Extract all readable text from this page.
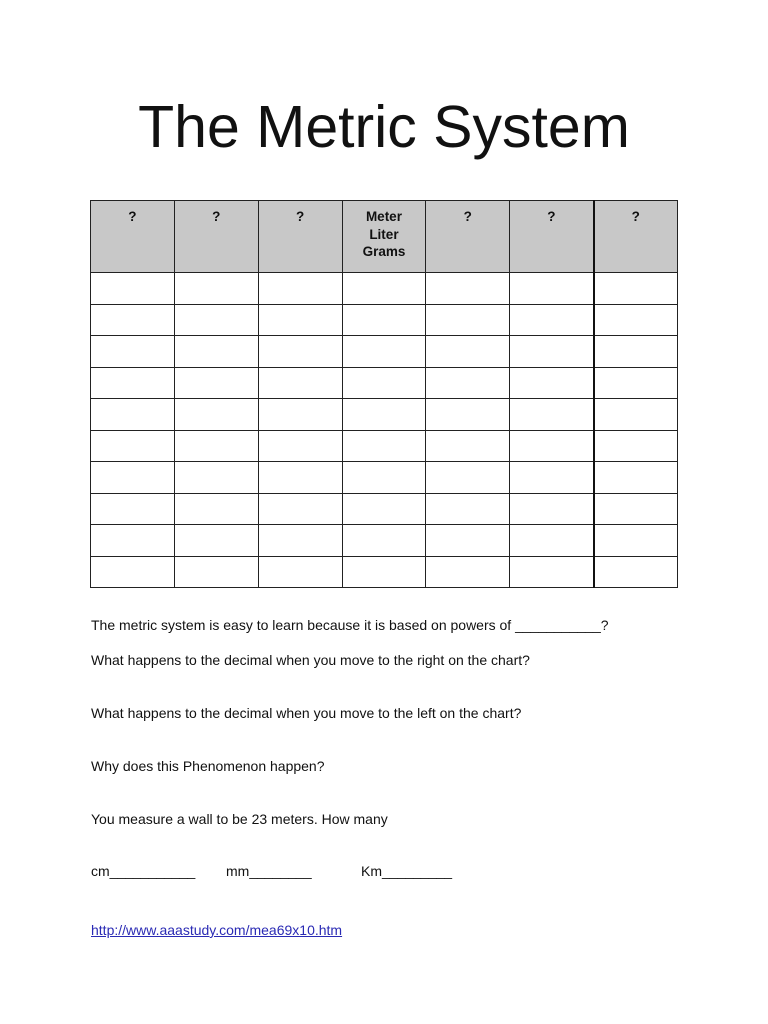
The Metric System
?	?	?	Meter
Liter
Grams	?	?	?

The metric system is easy to learn because it is based on powers of ___________?
What happens to the decimal when you move to the right on the chart?
What happens to the decimal when you move to the left on the chart?
Why does this Phenomenon happen?
You measure a wall to be 23 meters. How many
cm___________ mm________	Km_________
http://www.aaastudy.com/mea69x10.htm
